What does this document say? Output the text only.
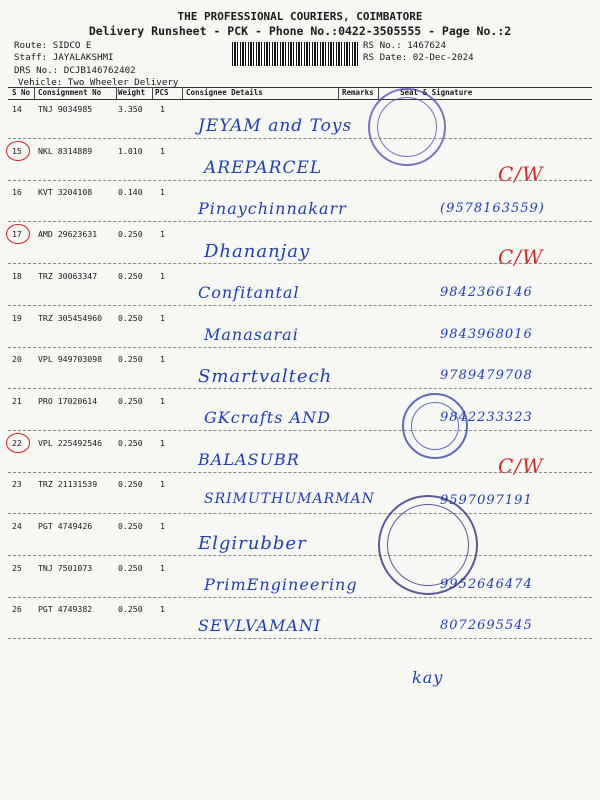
THE PROFESSIONAL COURIERS, COIMBATORE
Delivery Runsheet - PCK - Phone No.:0422-3505555 - Page No.:2
Route: SIDCO E
Staff: JAYALAKSHMI
DRS No.: DCJB146762402
Vehicle: Two Wheeler Delivery
RS No.: 1467624
RS Date: 02-Dec-2024
S No Consignment No Weight PCS Consignee Details	Remarks	Seal & Signature
14 TNJ 9034985	3.350 1
JEYAM and Toys
15 NKL 8314889	1.010 1
AREPARCEL	C/W
16 KVT 3204108	0.140 1
Pinaychinnakarr	(9578163559)
17 AMD 29623631	0.250 1
Dhananjay	C/W
18 TRZ 30063347	0.250 1
Confitantal	9842366146
19 TRZ 305454960 0.250 1
Manasarai	9843968016
20 VPL 949703098 0.250 1
Smartvaltech	9789479708
21 PRO 17020614	0.250 1
GKcrafts AND	9842233323
22 VPL 225492546 0.250 1
BALASUBR	C/W
23 TRZ 21131539	0.250 1
SRIMUTHUMARMAN	9597097191
24 PGT 4749426	0.250 1
Elgirubber
25 TNJ 7501073	0.250 1
PrimEngineering	9952646474
26 PGT 4749382	0.250 1
SEVLVAMANI	8072695545
kay
